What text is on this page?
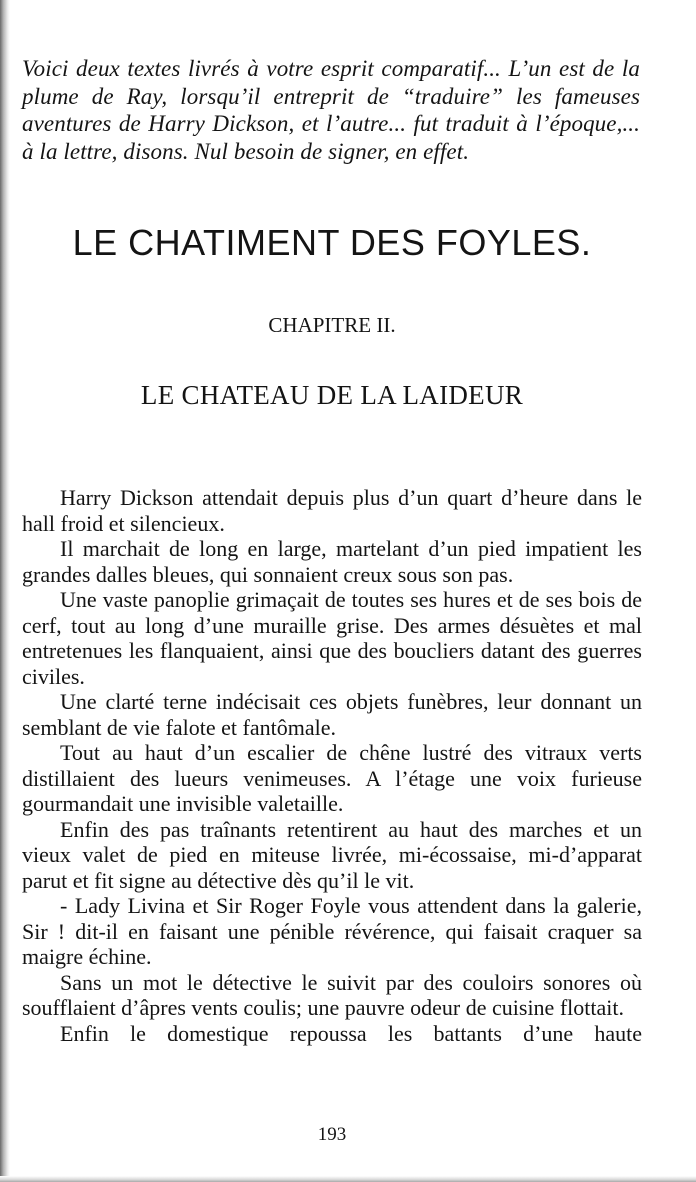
Voici deux textes livrés à votre esprit comparatif... L’un est de la plume de Ray, lorsqu’il entreprit de “traduire” les fameuses aventures de Harry Dickson, et l’autre... fut traduit à l’époque,... à la lettre, disons. Nul besoin de signer, en effet.

LE CHATIMENT DES FOYLES.
CHAPITRE II.
LE CHATEAU DE LA LAIDEUR

Harry Dickson attendait depuis plus d’un quart d’heure dans le hall froid et silencieux.

Il marchait de long en large, martelant d’un pied impatient les grandes dalles bleues, qui sonnaient creux sous son pas.

Une vaste panoplie grimaçait de toutes ses hures et de ses bois de cerf, tout au long d’une muraille grise. Des armes désuètes et mal entretenues les flanquaient, ainsi que des boucliers datant des guerres civiles.

Une clarté terne indécisait ces objets funèbres, leur donnant un semblant de vie falote et fantômale.

Tout au haut d’un escalier de chêne lustré des vitraux verts distillaient des lueurs venimeuses. A l’étage une voix furieuse gourmandait une invisible valetaille.

Enfin des pas traînants retentirent au haut des marches et un vieux valet de pied en miteuse livrée, mi-écossaise, mi-d’apparat parut et fit signe au détective dès qu’il le vit.

- Lady Livina et Sir Roger Foyle vous attendent dans la galerie, Sir ! dit-il en faisant une pénible révérence, qui faisait craquer sa maigre échine.

Sans un mot le détective le suivit par des couloirs sonores où soufflaient d’âpres vents coulis; une pauvre odeur de cuisine flottait.

Enfin le domestique repoussa les battants d’une haute

193
